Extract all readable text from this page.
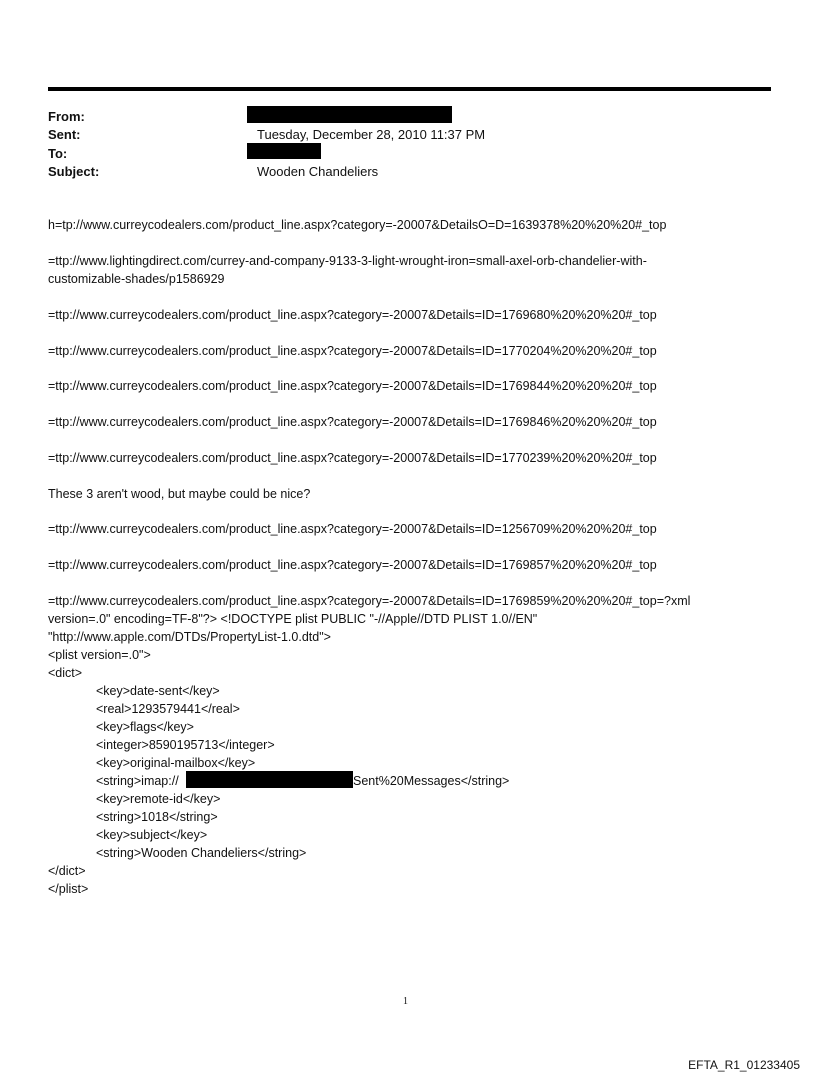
From:
Sent:	Tuesday, December 28, 2010 11:37 PM
To:
Subject:	Wooden Chandeliers
h=tp://www.curreycodealers.com/product_line.aspx?category=-20007&DetailsO=D=1639378%20%20%20#_top
=ttp://www.lightingdirect.com/currey-and-company-9133-3-light-wrought-iron=small-axel-orb-chandelier-with-
customizable-shades/p1586929
=ttp://www.curreycodealers.com/product_line.aspx?category=-20007&Details=ID=1769680%20%20%20#_top
=ttp://www.curreycodealers.com/product_line.aspx?category=-20007&Details=ID=1770204%20%20%20#_top
=ttp://www.curreycodealers.com/product_line.aspx?category=-20007&Details=ID=1769844%20%20%20#_top
=ttp://www.curreycodealers.com/product_line.aspx?category=-20007&Details=ID=1769846%20%20%20#_top
=ttp://www.curreycodealers.com/product_line.aspx?category=-20007&Details=ID=1770239%20%20%20#_top
These 3 aren't wood, but maybe could be nice?
=ttp://www.curreycodealers.com/product_line.aspx?category=-20007&Details=ID=1256709%20%20%20#_top
=ttp://www.curreycodealers.com/product_line.aspx?category=-20007&Details=ID=1769857%20%20%20#_top
=ttp://www.curreycodealers.com/product_line.aspx?category=-20007&Details=ID=1769859%20%20%20#_top=?xml
version=.0" encoding=TF-8"?> <!DOCTYPE plist PUBLIC "-//Apple//DTD PLIST 1.0//EN"
"http://www.apple.com/DTDs/PropertyList-1.0.dtd">
<plist version=.0">
<dict>
<key>date-sent</key>
<real>1293579441</real>
<key>flags</key>
<integer>8590195713</integer>
<key>original-mailbox</key>
<string>imap://	Sent%20Messages</string>
<key>remote-id</key>
<string>1018</string>
<key>subject</key>
<string>Wooden Chandeliers</string>
</dict>
</plist>
1
EFTA_R1_01233405
